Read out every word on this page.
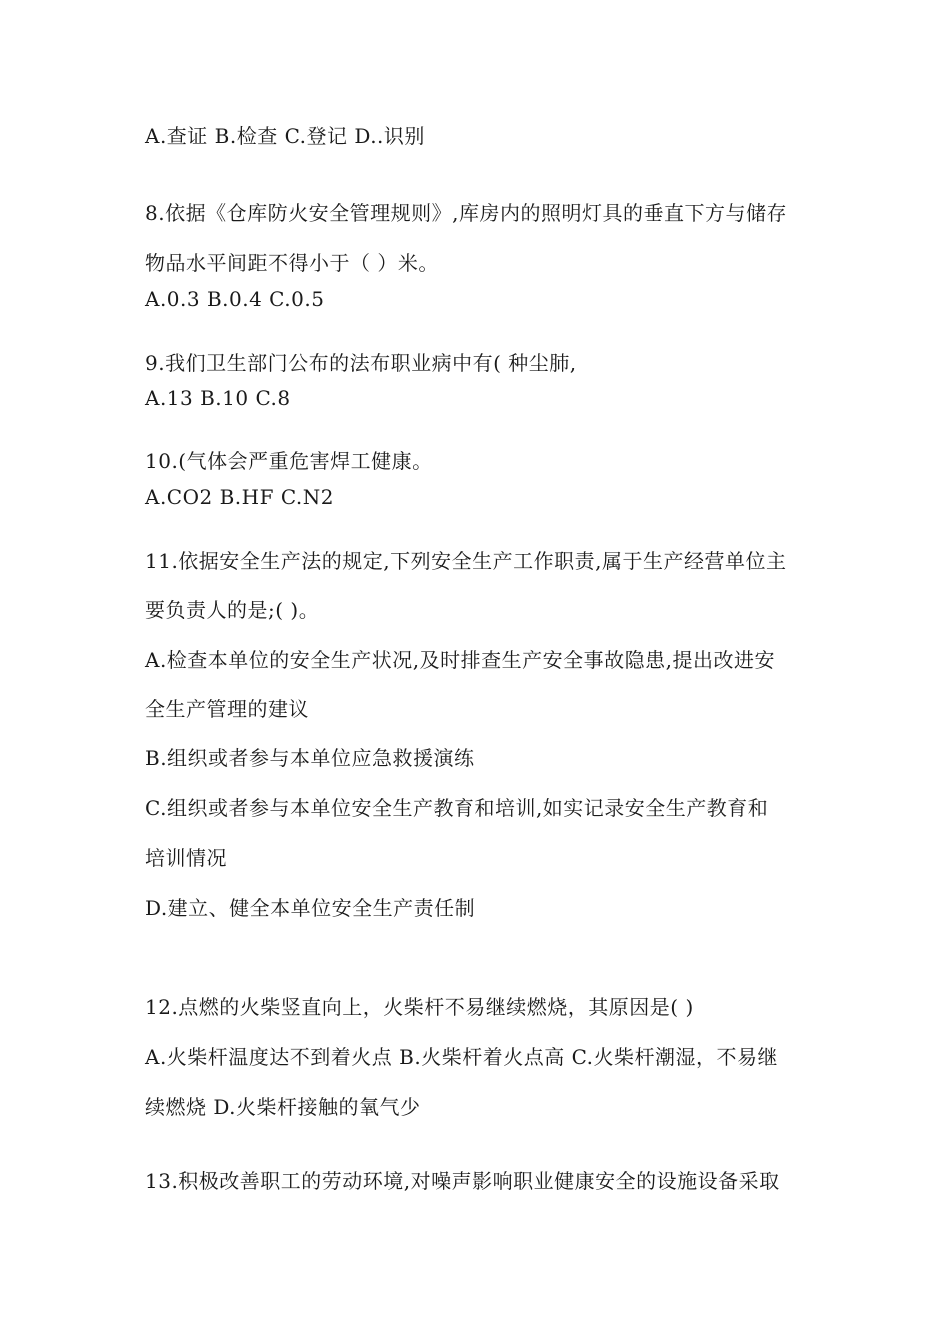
A.查证 B.检查 C.登记 D..识别
8.依据《仓库防火安全管理规则》,库房内的照明灯具的垂直下方与储存
物品水平间距不得小于（ ）米。
A.0.3 B.0.4 C.0.5
9.我们卫生部门公布的法布职业病中有( 种尘肺,
A.13 B.10 C.8
10.(气体会严重危害焊工健康。
A.CO2 B.HF C.N2
11.依据安全生产法的规定,下列安全生产工作职责,属于生产经营单位主
要负责人的是;( )。
A.检查本单位的安全生产状况,及时排查生产安全事故隐患,提出改进安
全生产管理的建议
B.组织或者参与本单位应急救援演练
C.组织或者参与本单位安全生产教育和培训,如实记录安全生产教育和
培训情况
D.建立、健全本单位安全生产责任制
12.点燃的火柴竖直向上，火柴杆不易继续燃烧，其原因是( )
A.火柴杆温度达不到着火点 B.火柴杆着火点高 C.火柴杆潮湿，不易继
续燃烧 D.火柴杆接触的氧气少
13.积极改善职工的劳动环境,对噪声影响职业健康安全的设施设备采取
